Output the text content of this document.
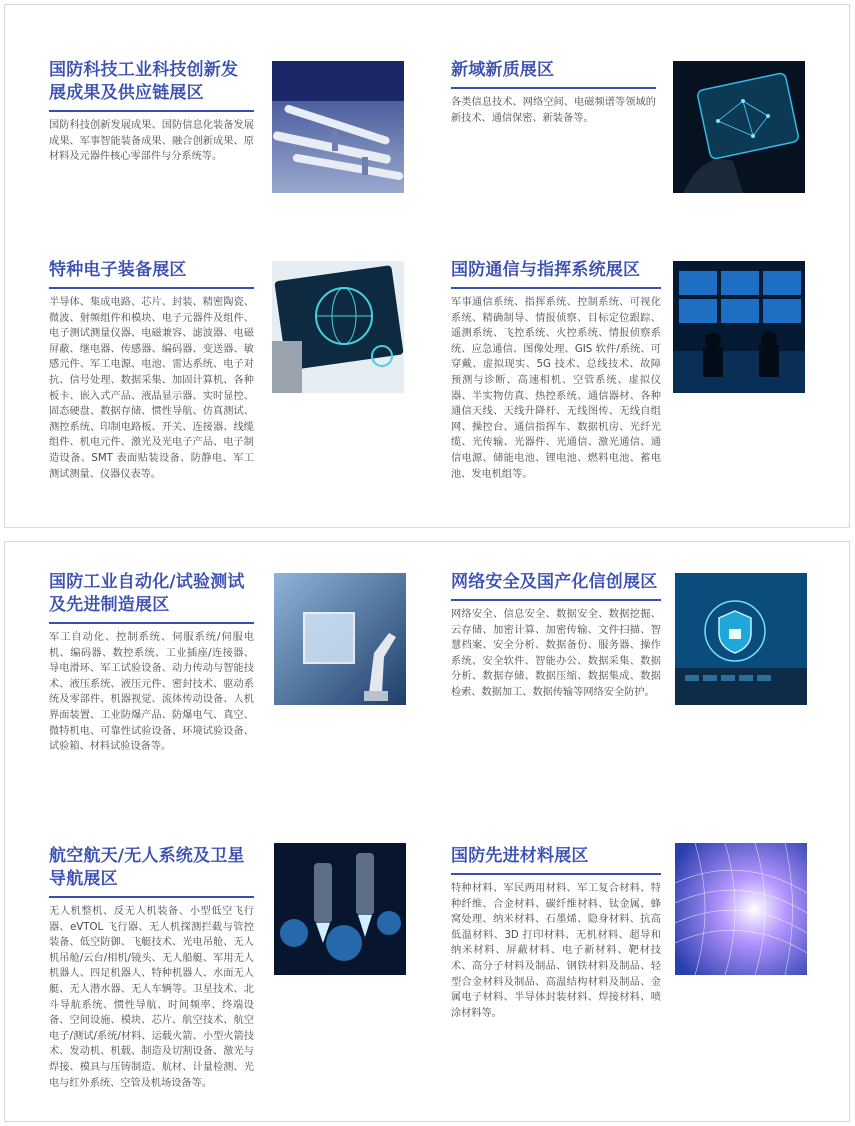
国防科技工业科技创新发展成果及供应链展区

国防科技创新发展成果、国防信息化装备发展成果、军事智能装备成果、融合创新成果、原材料及元器件核心零部件与分系统等。

新域新质展区

各类信息技术、网络空间、电磁频谱等领域的新技术、通信保密、新装备等。

特种电子装备展区

半导体、集成电路、芯片、封装、精密陶瓷、微波、射频组件和模块、电子元器件及组件、电子测试测量仪器、电磁兼容、滤波器、电磁屏蔽、继电器、传感器、编码器、变送器、敏感元件、军工电源、电池、雷达系统、电子对抗、信号处理、数据采集、加固计算机、各种板卡、嵌入式产品、液晶显示器、实时显控、固态硬盘、数据存储、惯性导航、仿真测试、测控系统、印制电路板、开关、连接器、线缆组件、机电元件、激光及光电子产品、电子制造设备、SMT 表面贴装设备、防静电、军工测试测量、仪器仪表等。

国防通信与指挥系统展区

军事通信系统、指挥系统、控制系统、可视化系统、精确制导、情报侦察、目标定位跟踪、遥测系统、飞控系统、火控系统、情报侦察系统、应急通信、图像处理、GIS 软件/系统、可穿戴、虚拟现实、5G 技术、总线技术、故障预测与诊断、高速相机、空管系统、虚拟仪器、半实物仿真、热控系统、通信器材、各种通信天线、天线升降杆、无线图传、无线自组网、操控台、通信指挥车、数据机房、光纤光缆、光传输、光器件、光通信、激光通信、通信电源、储能电池、锂电池、燃料电池、蓄电池、发电机组等。

国防工业自动化/试验测试及先进制造展区

军工自动化、控制系统、伺服系统/伺服电机、编码器、数控系统、工业插座/连接器、导电滑环、军工试验设备、动力传动与智能技术、液压系统、液压元件、密封技术、驱动系统及零部件、机器视觉、流体传动设备、人机界面装置、工业防爆产品、防爆电气、真空、微特机电、可靠性试验设备、环境试验设备、试验箱、材料试验设备等。

网络安全及国产化信创展区

网络安全、信息安全、数据安全、数据挖掘、云存储、加密计算、加密传输、文件扫描、智慧档案、安全分析、数据备份、服务器、操作系统、安全软件、智能办公、数据采集、数据分析、数据存储、数据压缩、数据集成、数据检索、数据加工、数据传输等网络安全防护。

航空航天/无人系统及卫星导航展区

无人机整机、反无人机装备、小型低空飞行器、eVTOL 飞行器、无人机探测拦截与管控装备、低空防御、飞艇技术、光电吊舱、无人机吊舱/云台/相机/镜头、无人船艇、军用无人机器人、四足机器人、特种机器人、水面无人艇、无人潜水器、无人车辆等。卫星技术、北斗导航系统、惯性导航、时间频率、终端设备、空间设施、模块、芯片、航空技术、航空电子/测试/系统/材料、运载火箭、小型火箭技术、发动机、机载、制造及切割设备、激光与焊接、模具与压铸制造、航材、计量检测、光电与红外系统、空管及机场设备等。

国防先进材料展区

特种材料、军民两用材料、军工复合材料、特种纤维、合金材料、碳纤维材料、钛金属、蜂窝处理、纳米材料、石墨烯、隐身材料、抗高低温材料、3D 打印材料、无机材料、超导和纳米材料、屏蔽材料、电子新材料、靶材技术、高分子材料及制品、钢铁材料及制品、轻型合金材料及制品、高温结构材料及制品、金属电子材料、半导体封装材料、焊接材料、喷涂材料等。
